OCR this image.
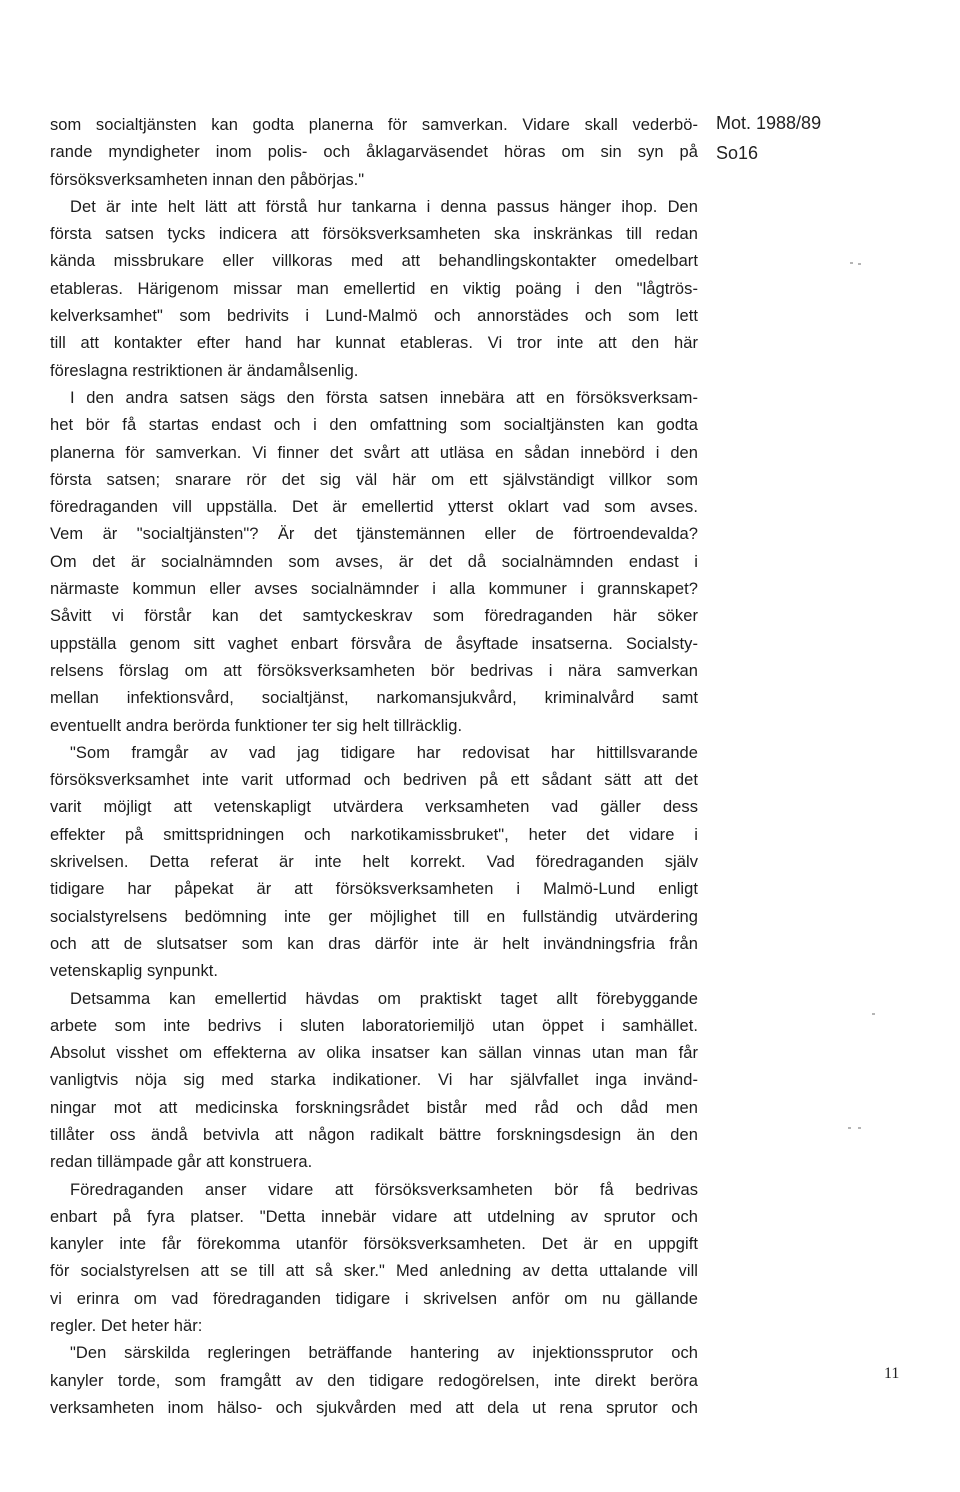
Mot. 1988/89
So16
som socialtjänsten kan godta planerna för samverkan. Vidare skall vederbö-
rande myndigheter inom polis- och åklagarväsendet höras om sin syn på
försöksverksamheten innan den påbörjas."
Det är inte helt lätt att förstå hur tankarna i denna passus hänger ihop. Den
första satsen tycks indicera att försöksverksamheten ska inskränkas till redan
kända missbrukare eller villkoras med att behandlingskontakter omedelbart
etableras. Härigenom missar man emellertid en viktig poäng i den "lågtrös-
kelverksamhet" som bedrivits i Lund-Malmö och annorstädes och som lett
till att kontakter efter hand har kunnat etableras. Vi tror inte att den här
föreslagna restriktionen är ändamålsenlig.
I den andra satsen sägs den första satsen innebära att en försöksverksam-
het bör få startas endast och i den omfattning som socialtjänsten kan godta
planerna för samverkan. Vi finner det svårt att utläsa en sådan innebörd i den
första satsen; snarare rör det sig väl här om ett självständigt villkor som
föredraganden vill uppställa. Det är emellertid ytterst oklart vad som avses.
Vem är "socialtjänsten"? Är det tjänstemännen eller de förtroendevalda?
Om det är socialnämnden som avses, är det då socialnämnden endast i
närmaste kommun eller avses socialnämnder i alla kommuner i grannskapet?
Såvitt vi förstår kan det samtyckeskrav som föredraganden här söker
uppställa genom sitt vaghet enbart försvåra de åsyftade insatserna. Socialsty-
relsens förslag om att försöksverksamheten bör bedrivas i nära samverkan
mellan infektionsvård, socialtjänst, narkomansjukvård, kriminalvård samt
eventuellt andra berörda funktioner ter sig helt tillräcklig.
"Som framgår av vad jag tidigare har redovisat har hittillsvarande
försöksverksamhet inte varit utformad och bedriven på ett sådant sätt att det
varit möjligt att vetenskapligt utvärdera verksamheten vad gäller dess
effekter på smittspridningen och narkotikamissbruket", heter det vidare i
skrivelsen. Detta referat är inte helt korrekt. Vad föredraganden själv
tidigare har påpekat är att försöksverksamheten i Malmö-Lund enligt
socialstyrelsens bedömning inte ger möjlighet till en fullständig utvärdering
och att de slutsatser som kan dras därför inte är helt invändningsfria från
vetenskaplig synpunkt.
Detsamma kan emellertid hävdas om praktiskt taget allt förebyggande
arbete som inte bedrivs i sluten laboratoriemiljö utan öppet i samhället.
Absolut visshet om effekterna av olika insatser kan sällan vinnas utan man får
vanligtvis nöja sig med starka indikationer. Vi har självfallet inga invänd-
ningar mot att medicinska forskningsrådet bistår med råd och dåd men
tillåter oss ändå betvivla att någon radikalt bättre forskningsdesign än den
redan tillämpade går att konstruera.
Föredraganden anser vidare att försöksverksamheten bör få bedrivas
enbart på fyra platser. "Detta innebär vidare att utdelning av sprutor och
kanyler inte får förekomma utanför försöksverksamheten. Det är en uppgift
för socialstyrelsen att se till att så sker." Med anledning av detta uttalande vill
vi erinra om vad föredraganden tidigare i skrivelsen anför om nu gällande
regler. Det heter här:
"Den särskilda regleringen beträffande hantering av injektionssprutor och
kanyler torde, som framgått av den tidigare redogörelsen, inte direkt beröra
verksamheten inom hälso- och sjukvården med att dela ut rena sprutor och
11
